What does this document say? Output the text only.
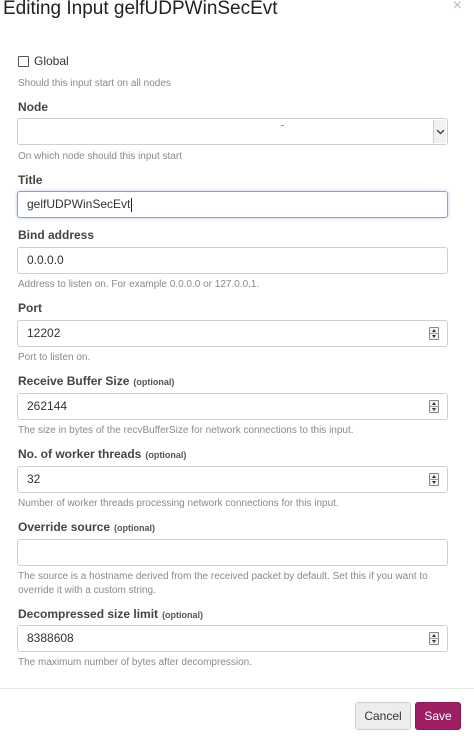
Editing Input gelfUDPWinSecEvt	×
Global
Should this input start on all nodes
Node
On which node should this input start
Title
gelfUDPWinSecEvt
Bind address
0.0.0.0
Address to listen on. For example 0.0.0.0 or 127.0.0.1.
Port
12202
Port to listen on.
Receive Buffer Size (optional)
262144
The size in bytes of the recvBufferSize for network connections to this input.
No. of worker threads (optional)
32
Number of worker threads processing network connections for this input.
Override source (optional)
The source is a hostname derived from the received packet by default. Set this if you want to override it with a custom string.
Decompressed size limit (optional)
8388608
The maximum number of bytes after decompression.
Cancel	Save
